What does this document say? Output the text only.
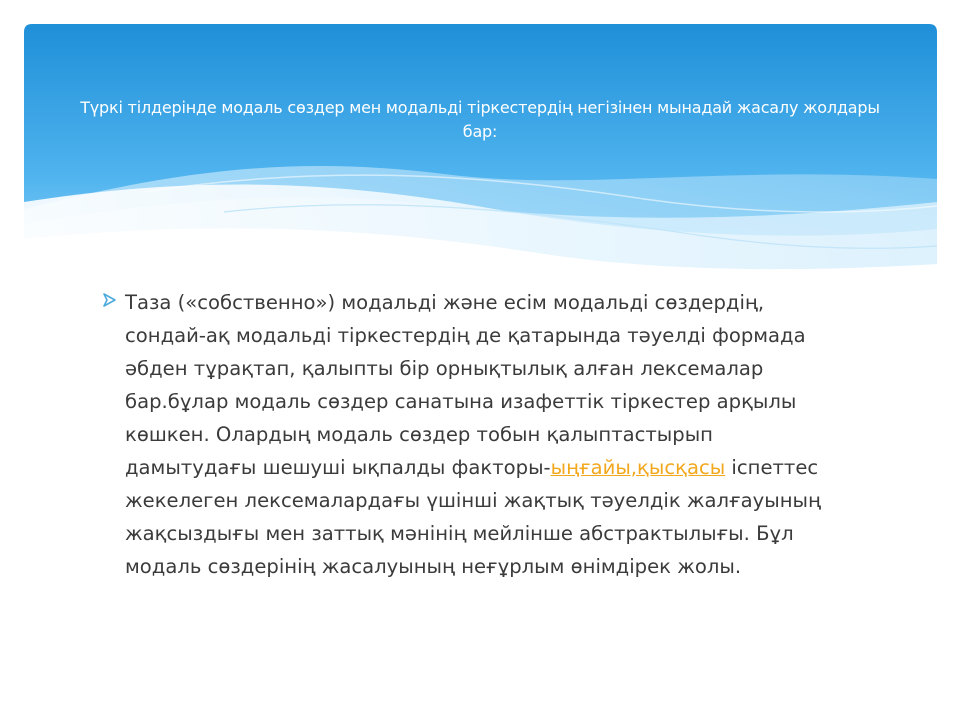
Түркі тілдерінде модаль сөздер мен модальді тіркестердің негізінен мынадай жасалу жолдары бар:
Таза («собственно») модальді және есім модальді сөздердің, сондай-ақ модальді тіркестердің де қатарында тәуелді формада әбден тұрақтап, қалыпты бір орнықтылық алған лексемалар бар.бұлар модаль сөздер санатына изафеттік тіркестер арқылы көшкен. Олардың модаль сөздер тобын қалыптастырып дамытудағы шешуші ықпалды факторы-ыңғайы,қысқасы іспеттес жекелеген лексемалардағы үшінші жақтық тәуелдік жалғауының жақсыздығы мен заттық мәнінің мейлінше абстрактылығы. Бұл модаль сөздерінің жасалуының неғұрлым өнімдірек жолы.
